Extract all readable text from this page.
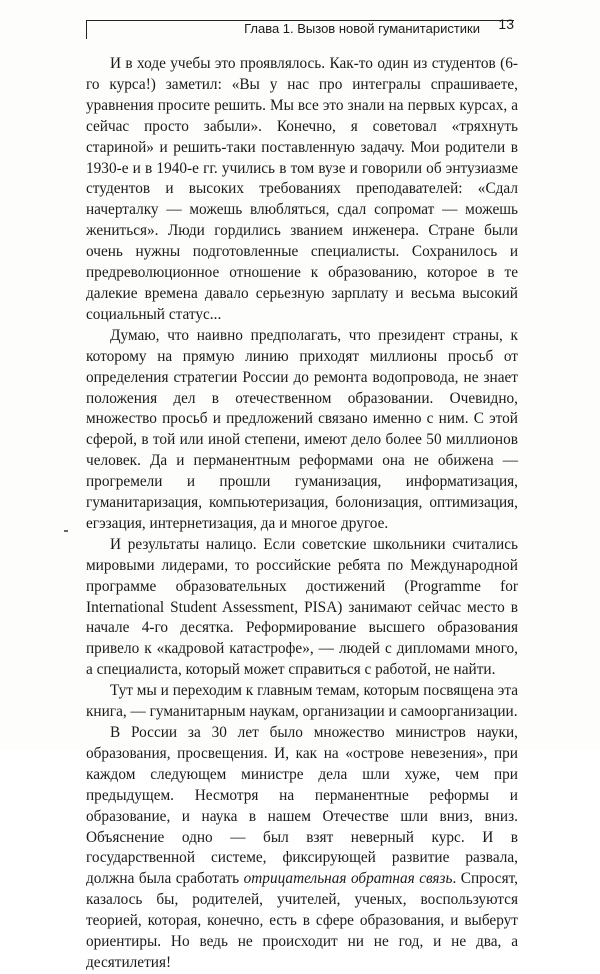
Глава 1. Вызов новой гуманитаристики 13

И в ходе учебы это проявлялось. Как-то один из студентов (6-го курса!) заметил: «Вы у нас про интегралы спрашиваете, уравнения просите решить. Мы все это знали на первых курсах, а сейчас просто забыли». Конечно, я советовал «тряхнуть стариной» и решить-таки поставленную задачу. Мои родители в 1930-е и в 1940-е гг. учились в том вузе и говорили об энтузиазме студентов и высоких требованиях преподавателей: «Сдал начерталку — можешь влюбляться, сдал сопромат — можешь жениться». Люди гордились званием инженера. Стране были очень нужны подготовленные специалисты. Сохранилось и предреволюционное отношение к образованию, которое в те далекие времена давало серьезную зарплату и весьма высокий социальный статус...

Думаю, что наивно предполагать, что президент страны, к которому на прямую линию приходят миллионы просьб от определения стратегии России до ремонта водопровода, не знает положения дел в отечественном образовании. Очевидно, множество просьб и предложений связано именно с ним. С этой сферой, в той или иной степени, имеют дело более 50 миллионов человек. Да и перманентным реформами она не обижена — прогремели и прошли гуманизация, информатизация, гуманитаризация, компьютеризация, болонизация, оптимизация, егэзация, интернетизация, да и многое другое.

И результаты налицо. Если советские школьники считались мировыми лидерами, то российские ребята по Международной программе образовательных достижений (Programme for International Student Assessment, PISA) занимают сейчас место в начале 4-го десятка. Реформирование высшего образования привело к «кадровой катастрофе», — людей с дипломами много, а специалиста, который может справиться с работой, не найти.

Тут мы и переходим к главным темам, которым посвящена эта книга, — гуманитарным наукам, организации и самоорганизации.

В России за 30 лет было множество министров науки, образования, просвещения. И, как на «острове невезения», при каждом следующем министре дела шли хуже, чем при предыдущем. Несмотря на перманентные реформы и образование, и наука в нашем Отечестве шли вниз, вниз. Объяснение одно — был взят неверный курс. И в государственной системе, фиксирующей развитие развала, должна была сработать отрицательная обратная связь. Спросят, казалось бы, родителей, учителей, ученых, воспользуются теорией, которая, конечно, есть в сфере образования, и выберут ориентиры. Но ведь не происходит ни не год, и не два, а десятилетия!
